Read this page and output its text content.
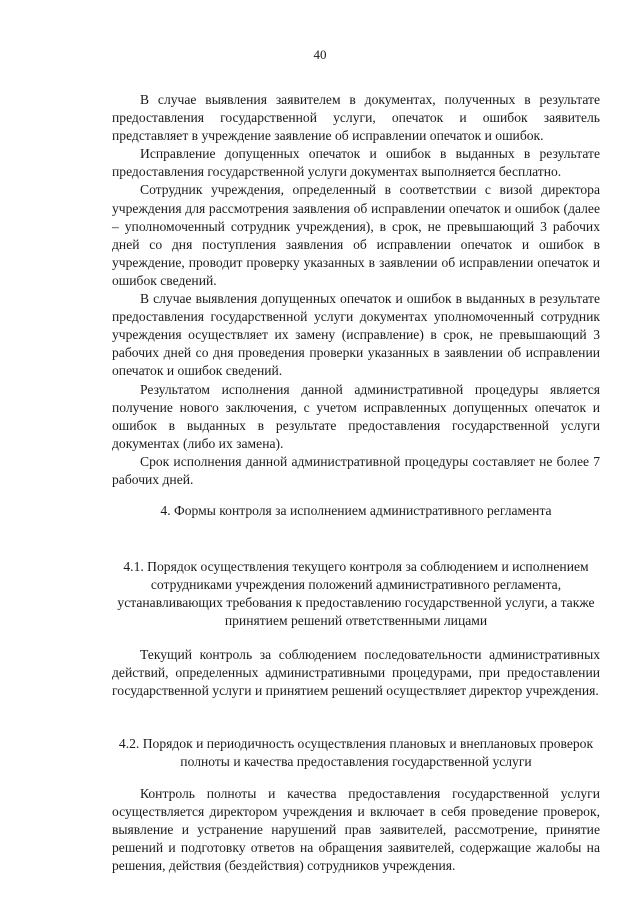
40

В случае выявления заявителем в документах, полученных в результате предоставления государственной услуги, опечаток и ошибок заявитель представляет в учреждение заявление об исправлении опечаток и ошибок.

Исправление допущенных опечаток и ошибок в выданных в результате предоставления государственной услуги документах выполняется бесплатно.

Сотрудник учреждения, определенный в соответствии с визой директора учреждения для рассмотрения заявления об исправлении опечаток и ошибок (далее – уполномоченный сотрудник учреждения), в срок, не превышающий 3 рабочих дней со дня поступления заявления об исправлении опечаток и ошибок в учреждение, проводит проверку указанных в заявлении об исправлении опечаток и ошибок сведений.

В случае выявления допущенных опечаток и ошибок в выданных в результате предоставления государственной услуги документах уполномоченный сотрудник учреждения осуществляет их замену (исправление) в срок, не превышающий 3 рабочих дней со дня проведения проверки указанных в заявлении об исправлении опечаток и ошибок сведений.

Результатом исполнения данной административной процедуры является получение нового заключения, с учетом исправленных допущенных опечаток и ошибок в выданных в результате предоставления государственной услуги документах (либо их замена).

Срок исполнения данной административной процедуры составляет не более 7 рабочих дней.

4. Формы контроля за исполнением административного регламента

4.1. Порядок осуществления текущего контроля за соблюдением и исполнением сотрудниками учреждения положений административного регламента, устанавливающих требования к предоставлению государственной услуги, а также принятием решений ответственными лицами

Текущий контроль за соблюдением последовательности административных действий, определенных административными процедурами, при предоставлении государственной услуги и принятием решений осуществляет директор учреждения.

4.2. Порядок и периодичность осуществления плановых и внеплановых проверок полноты и качества предоставления государственной услуги

Контроль полноты и качества предоставления государственной услуги осуществляется директором учреждения и включает в себя проведение проверок, выявление и устранение нарушений прав заявителей, рассмотрение, принятие решений и подготовку ответов на обращения заявителей, содержащие жалобы на решения, действия (бездействия) сотрудников учреждения.
